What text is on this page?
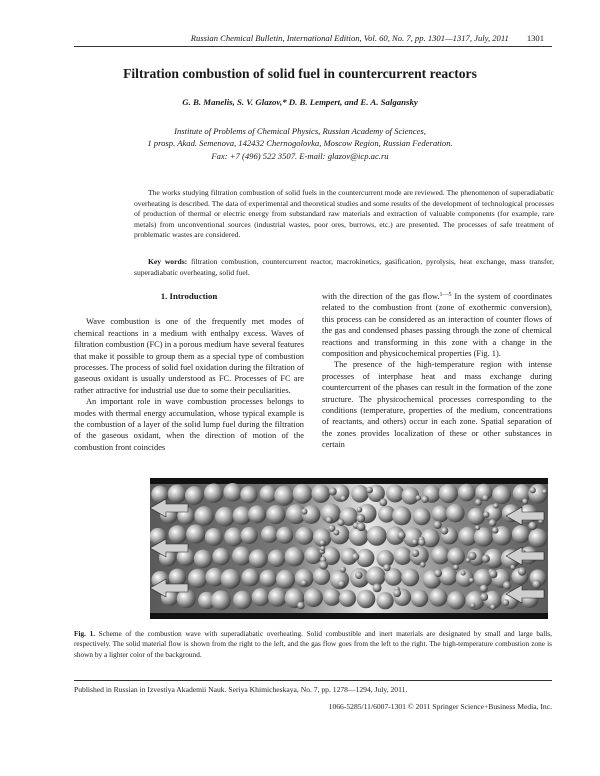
Russian Chemical Bulletin, International Edition, Vol. 60, No. 7, pp. 1301—1317, July, 2011 1301
Filtration combustion of solid fuel in countercurrent reactors
G. B. Manelis, S. V. Glazov,* D. B. Lempert, and E. A. Salgansky
Institute of Problems of Chemical Physics, Russian Academy of Sciences,
1 prosp. Akad. Semenova, 142432 Chernogolovka, Moscow Region, Russian Federation.
Fax: +7 (496) 522 3507. E-mail: glazov@icp.ac.ru
The works studying filtration combustion of solid fuels in the countercurrent mode are reviewed. The phenomenon of superadiabatic overheating is described. The data of experimental and theoretical studies and some results of the development of technological processes of production of thermal or electric energy from substandard raw materials and extraction of valuable components (for example, rare metals) from unconventional sources (industrial wastes, poor ores, burrows, etc.) are presented. The processes of safe treatment of problematic wastes are considered.
Key words: filtration combustion, countercurrent reactor, macrokinetics, gasification, pyrolysis, heat exchange, mass transfer, superadiabatic overheating, solid fuel.
1. Introduction

Wave combustion is one of the frequently met modes of chemical reactions in a medium with enthalpy excess. Waves of filtration combustion (FC) in a porous medium have several features that make it possible to group them as a special type of combustion processes. The process of solid fuel oxidation during the filtration of gaseous oxidant is usually understood as FC. Processes of FC are rather attractive for industrial use due to some their peculiarities.

An important role in wave combustion processes belongs to modes with thermal energy accumulation, whose typical example is the combustion of a layer of the solid lump fuel during the filtration of the gaseous oxidant, when the direction of motion of the combustion front coincides

with the direction of the gas flow.$^{1—5}$ In the system of coordinates related to the combustion front (zone of exothermic conversion), this process can be considered as an interaction of counter flows of the gas and condensed phases passing through the zone of chemical reactions and transforming in this zone with a change in the composition and physicochemical properties (Fig. 1).

The presence of the high-temperature region with intense processes of interphase heat and mass exchange during countercurrent of the phases can result in the formation of the zone structure. The physicochemical processes corresponding to the conditions (temperature, properties of the medium, concentrations of reactants, and others) occur in each zone. Spatial separation of the zones provides localization of these or other substances in certain

Fig. 1. Scheme of the combustion wave with superadiabatic overheating. Solid combustible and inert materials are designated by small and large balls, respectively. The solid material flow is shown from the right to the left, and the gas flow goes from the left to the right. The high-temperature combustion zone is shown by a lighter color of the background.
Published in Russian in Izvestiya Akademii Nauk. Seriya Khimicheskaya, No. 7, pp. 1278—1294, July, 2011.
1066-5285/11/6007-1301 © 2011 Springer Science+Business Media, Inc.
